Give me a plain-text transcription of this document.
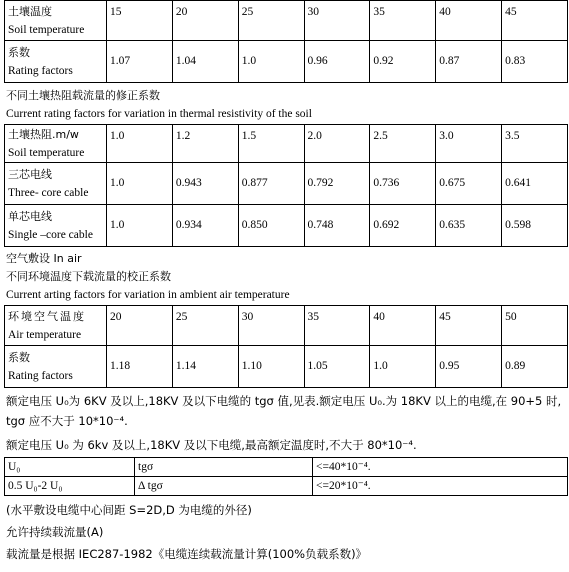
土壤温度
Soil temperature	15	20	25	30	35	40	45

系数
Rating factors	1.07	1.04	1.0	0.96	0.92	0.87	0.83
不同土壤热阻载流量的修正系数
Current rating factors for variation in thermal resistivity of the soil
土壤热阻.m/w
Soil temperature	1.0	1.2	1.5	2.0	2.5	3.0	3.5

三芯电线
Three- core cable	1.0	0.943	0.877	0.792	0.736	0.675	0.641

单芯电线
Single –core cable	1.0	0.934	0.850	0.748	0.692	0.635	0.598
空气敷设 In air
不同环境温度下载流量的校正系数
Current arting factors for variation in ambient air temperature
环境空气温度
Air temperature	20	25	30	35	40	45	50

系数
Rating factors	1.18	1.14	1.10	1.05	1.0	0.95	0.89
额定电压 U₀为 6KV 及以上,18KV 及以下电缆的 tgσ 值,见表.额定电压 U₀.为 18KV 以上的电缆,在 90+5 时,
tgσ 应不大于 10*10⁻⁴.
额定电压 U₀ 为 6kv 及以上,18KV 及以下电缆,最高额定温度时,不大于 80*10⁻⁴.
U₀	tgσ	<=40*10⁻⁴.
0.5 U₀-2 U₀	Δ tgσ	<=20*10⁻⁴.
(水平敷设电缆中心间距 S=2D,D 为电缆的外径)
允许持续载流量(A)
载流量是根据 IEC287-1982《电缆连续载流量计算(100%负载系数)》
